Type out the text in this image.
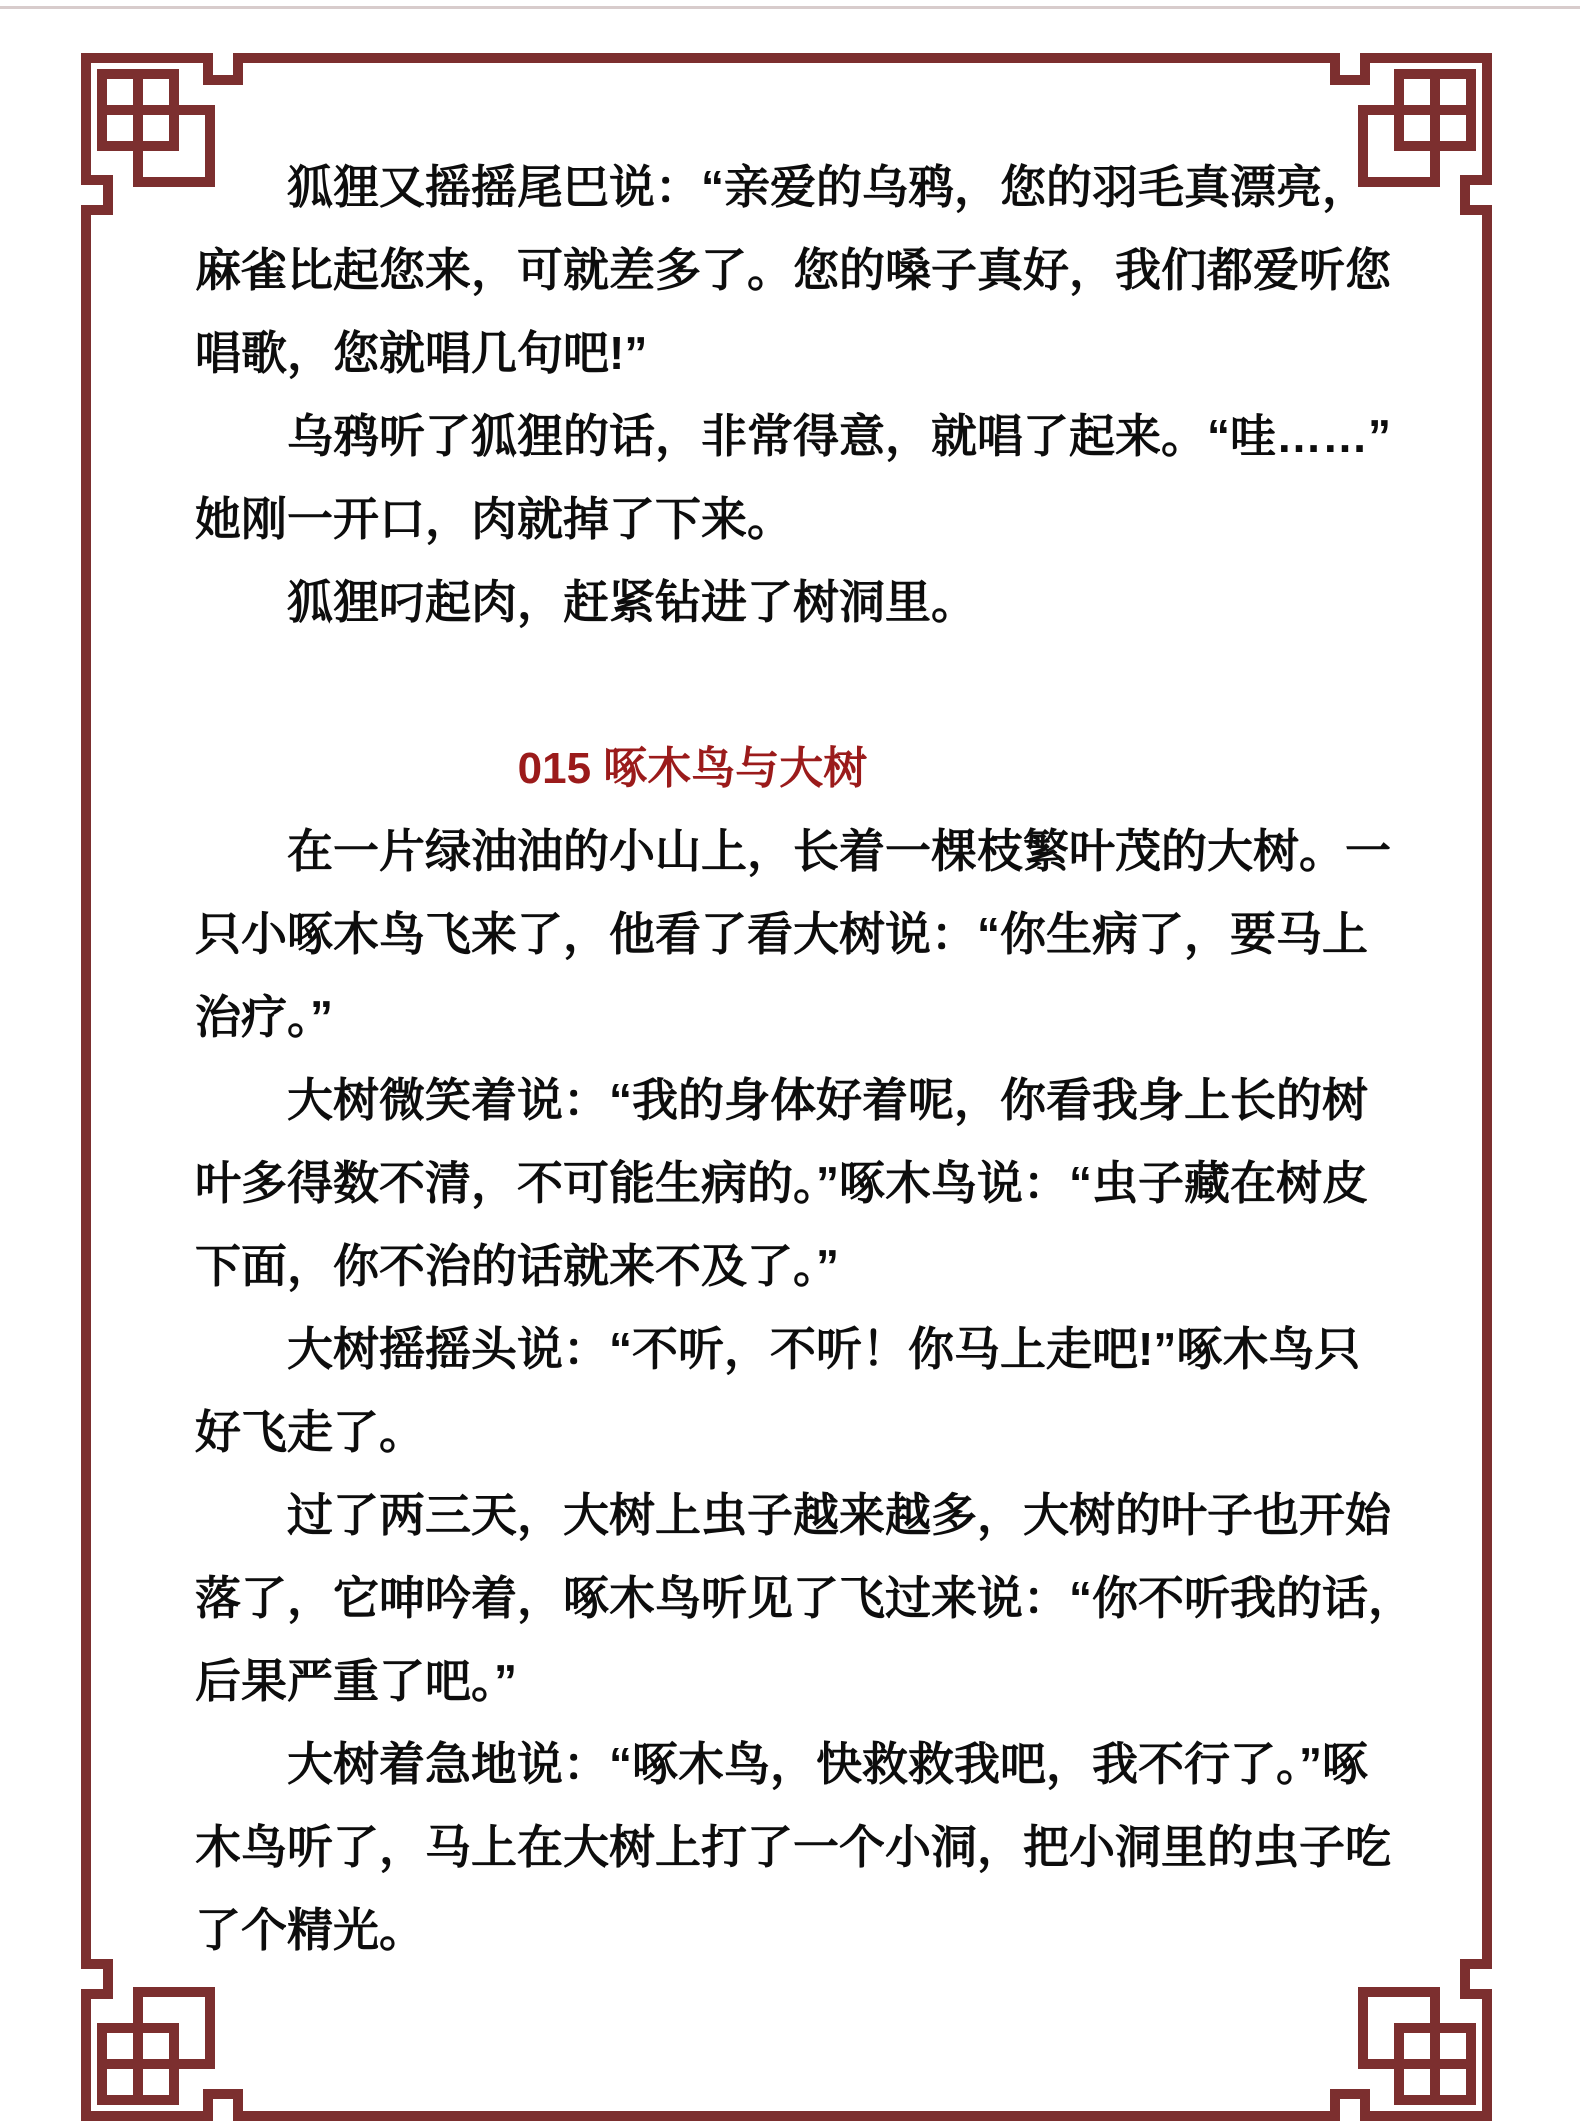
狐狸又摇摇尾巴说：“亲爱的乌鸦，您的羽毛真漂亮，
麻雀比起您来，可就差多了。您的嗓子真好，我们都爱听您
唱歌，您就唱几句吧!”
乌鸦听了狐狸的话，非常得意，就唱了起来。“哇……”
她刚一开口，肉就掉了下来。
狐狸叼起肉，赶紧钻进了树洞里。
015 啄木鸟与大树
在一片绿油油的小山上，长着一棵枝繁叶茂的大树。一
只小啄木鸟飞来了，他看了看大树说：“你生病了，要马上
治疗。”
大树微笑着说：“我的身体好着呢，你看我身上长的树
叶多得数不清，不可能生病的。”啄木鸟说：“虫子藏在树皮
下面，你不治的话就来不及了。”
大树摇摇头说：“不听，不听！你马上走吧!”啄木鸟只
好飞走了。
过了两三天，大树上虫子越来越多，大树的叶子也开始
落了，它呻吟着，啄木鸟听见了飞过来说：“你不听我的话，
后果严重了吧。”
大树着急地说：“啄木鸟，快救救我吧，我不行了。”啄
木鸟听了，马上在大树上打了一个小洞，把小洞里的虫子吃
了个精光。
